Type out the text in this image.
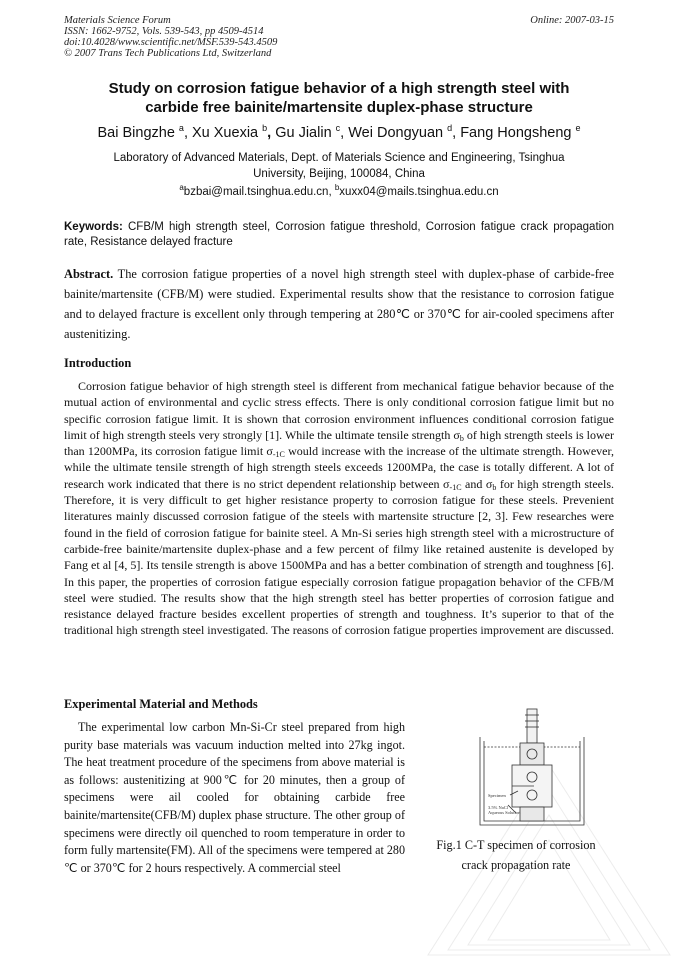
Materials Science Forum
ISSN: 1662-9752, Vols. 539-543, pp 4509-4514
doi:10.4028/www.scientific.net/MSF.539-543.4509
© 2007 Trans Tech Publications Ltd, Switzerland
Online: 2007-03-15
Study on corrosion fatigue behavior of a high strength steel with
carbide free bainite/martensite duplex-phase structure
Bai Bingzhe $^a$, Xu Xuexia $^b$, Gu Jialin $^c$, Wei Dongyuan $^d$, Fang Hongsheng $^e$
Laboratory of Advanced Materials, Dept. of Materials Science and Engineering, Tsinghua
University, Beijing, 100084, China
$^a$bzbai@mail.tsinghua.edu.cn, $^b$xuxx04@mails.tsinghua.edu.cn
Keywords: CFB/M high strength steel, Corrosion fatigue threshold, Corrosion fatigue crack propagation rate, Resistance delayed fracture
Abstract. The corrosion fatigue properties of a novel high strength steel with duplex-phase of carbide-free bainite/martensite (CFB/M) were studied. Experimental results show that the resistance to corrosion fatigue and to delayed fracture is excellent only through tempering at 280℃ or 370℃ for air-cooled specimens after austenitizing.
Introduction
Corrosion fatigue behavior of high strength steel is different from mechanical fatigue behavior because of the mutual action of environmental and cyclic stress effects. There is only conditional corrosion fatigue limit but no specific corrosion fatigue limit. It is shown that corrosion environment influences conditional corrosion fatigue limit of high strength steels very strongly [1]. While the ultimate tensile strength $\sigma_b$ of high strength steels is lower than 1200MPa, its corrosion fatigue limit $\sigma_{-1C}$ would increase with the increase of the ultimate strength. However, while the ultimate tensile strength of high strength steels exceeds 1200MPa, the case is totally different. A lot of research work indicated that there is no strict dependent relationship between $\sigma_{-1C}$ and $\sigma_b$ for high strength steels. Therefore, it is very difficult to get higher resistance property to corrosion fatigue for these steels. Prevenient literatures mainly discussed corrosion fatigue of the steels with martensite structure [2, 3]. Few researches were found in the field of corrosion fatigue for bainite steel. A Mn-Si series high strength steel with a microstructure of carbide-free bainite/martensite duplex-phase and a few percent of filmy like retained austenite is developed by Fang et al [4, 5]. Its tensile strength is above 1500MPa and has a better combination of strength and toughness [6]. In this paper, the properties of corrosion fatigue especially corrosion fatigue propagation behavior of the CFB/M steel were studied. The results show that the high strength steel has better properties of corrosion fatigue and resistance delayed fracture besides excellent properties of strength and toughness. It’s superior to that of the traditional high strength steel investigated. The reasons of corrosion fatigue properties improvement are discussed.
Experimental Material and Methods
The experimental low carbon Mn-Si-Cr steel prepared from high purity base materials was vacuum induction melted into 27kg ingot. The heat treatment procedure of the specimens from above material is as follows: austenitizing at 900℃ for 20 minutes, then a group of specimens were ail cooled for obtaining carbide free bainite/martensite(CFB/M) duplex phase structure. The other group of specimens were directly oil quenched to room temperature in order to form fully martensite(FM). All of the specimens were tempered at 280 ℃ or 370℃ for 2 hours respectively. A commercial steel
Specimen
3.5% NaCl
Aqueous Solution
Fig.1 C-T specimen of corrosion
crack propagation rate
